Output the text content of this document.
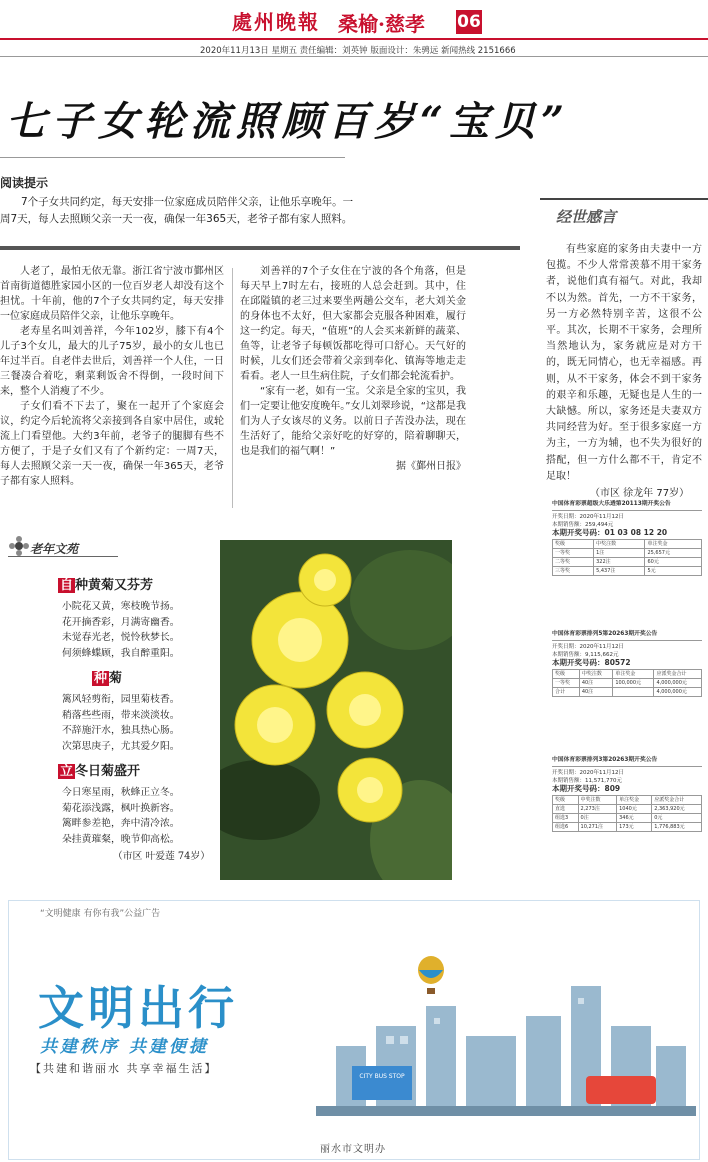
處州晚報 桑榆·慈孝 06
2020年11月13日 星期五 责任编辑：刘英钟 版面设计：朱骋远 新闻热线 2151666
七子女轮流照顾百岁“宝贝”
阅读提示
7个子女共同约定，每天安排一位家庭成员陪伴父亲，让他乐享晚年。一周7天，每人去照顾父亲一天一夜，确保一年365天，老爷子都有家人照料。

人老了，最怕无依无靠。浙江省宁波市鄞州区首南街道德胜家园小区的一位百岁老人却没有这个担忧。十年前，他的7个子女共同约定，每天安排一位家庭成员陪伴父亲，让他乐享晚年。

老寿星名叫刘善祥，今年102岁，膝下有4个儿子3个女儿，最大的儿子75岁，最小的女儿也已年过半百。自老伴去世后，刘善祥一个人住，一日三餐凑合着吃，剩菜剩饭舍不得倒，一段时间下来，整个人消瘦了不少。

子女们看不下去了，聚在一起开了个家庭会议，约定今后轮流将父亲接到各自家中居住，或轮流上门看望他。大约3年前，老爷子的腿脚有些不方便了，于是子女们又有了个新约定：一周7天，每人去照顾父亲一天一夜，确保一年365天，老爷子都有家人照料。

刘善祥的7个子女住在宁波的各个角落，但是每天早上7时左右，接班的人总会赶到。其中，住在邱隘镇的老三过来要坐两趟公交车，老大刘关金的身体也不太好，但大家都会克服各种困难，履行这一约定。每天，“值班”的人会买来新鲜的蔬菜、鱼等，让老爷子每顿饭都吃得可口舒心。天气好的时候，儿女们还会带着父亲到奉化、镇海等地走走看看。老人一旦生病住院，子女们都会轮流看护。

“家有一老，如有一宝。父亲是全家的宝贝，我们一定要让他安度晚年。”女儿刘翠珍说，“这都是我们为人子女该尽的义务。以前日子苦没办法，现在生活好了，能给父亲好吃的好穿的，陪着聊聊天，也是我们的福气啊！”

据《鄞州日报》

经世感言

有些家庭的家务由夫妻中一方包揽。不少人常常羡慕不用干家务者，说他们真有福气。对此，我却不以为然。首先，一方不干家务，另一方必然特别辛苦，这很不公平。其次，长期不干家务，会理所当然地认为，家务就应是对方干的，既无同情心，也无幸福感。再则，从不干家务，体会不到干家务的艰辛和乐趣，无疑也是人生的一大缺憾。所以，家务还是夫妻双方共同经营为好。至于很多家庭一方为主，一方为辅，也不失为很好的搭配，但一方什么都不干，肯定不足取！

（市区 徐龙年 77岁）
中国体育彩票超级大乐透第20113期开奖公告
开奖日期：2020年11月12日
本期销售额：259,494元
本期开奖号码：01 03 08 12 20
奖级	中奖注数	单注奖金
一等奖	1注	25,657元
二等奖	322注	60元
三等奖	5,437注	5元
中国体育彩票排列5第20263期开奖公告
开奖日期：2020年11月12日
本期销售额：9,115,662元
本期开奖号码：80572
奖级	中奖注数	单注奖金	应派奖金合计
一等奖	40注	100,000元	4,000,000元
合计	40注		4,000,000元
中国体育彩票排列3第20263期开奖公告
开奖日期：2020年11月12日
本期销售额：11,571,770元
本期开奖号码：809
奖级	中奖注数	单注奖金	应派奖金合计
直选	2,273注	1040元	2,363,920元
组选3	0注	346元	0元
组选6	10,271注	173元	1,776,883元
老年文苑
自 种黄菊又芬芳
小院花又黄，寒枝晚节扬。
花开摘香彩，月满寄幽香。
未觉春光老，悦怜秋梦长。
何须蜂蝶顾，我自醉重阳。
种 菊
篱风轻剪衔，园里菊枝香。
稍落些些雨，带来淡淡妆。
不辞施汗水，独具热心肠。
次第思庚子，尤其爱夕阳。
立 冬日菊盛开
今日寒星雨，秋蜂正立冬。
菊花添浅露，枫叶换新容。
篱畔参差艳，奔中清冷浓。
朵挂黄璀粲，晚节仰高松。
（市区 叶爱莲 74岁）
“文明健康 有你有我”公益广告
文明出行
共建秩序 共建便捷
【共建和谐丽水 共享幸福生活】
CITY BUS STOP
丽水市文明办
